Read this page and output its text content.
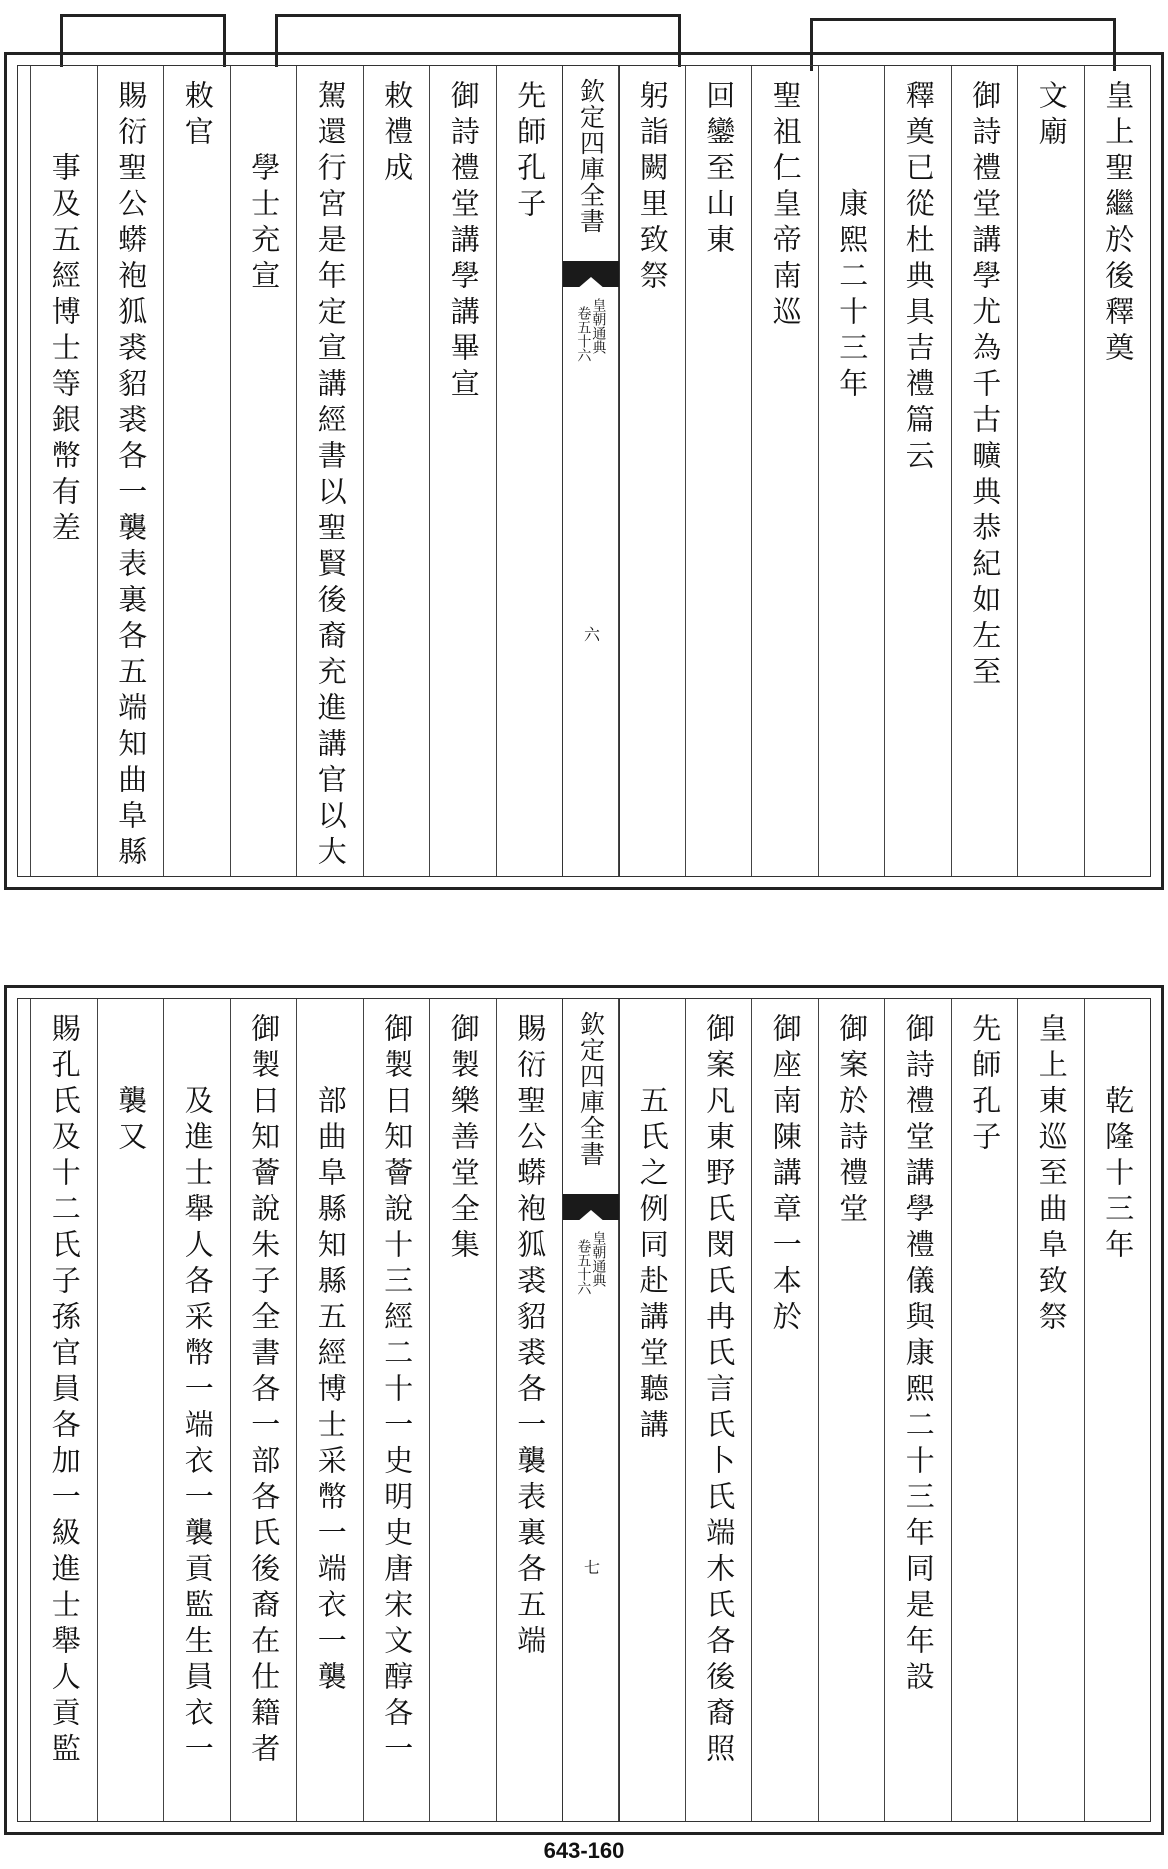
皇上聖繼於後釋奠
文廟
御詩禮堂講學尤為千古曠典恭紀如左至
釋奠已從杜典具吉禮篇云
康熙二十三年
聖祖仁皇帝南巡
回鑾至山東
躬詣闕里致祭
欽定四庫全書
皇朝通典
卷五十六
六
先師孔子
御詩禮堂講學講畢宣
敕禮成
駕還行宮是年定宣講經書以聖賢後裔充進講官以大
學士充宣
敕官
賜衍聖公蟒袍狐裘貂裘各一襲表裏各五端知曲阜縣
事及五經博士等銀幣有差
乾隆十三年
皇上東巡至曲阜致祭
先師孔子
御詩禮堂講學禮儀與康熙二十三年同是年設
御案於詩禮堂
御座南陳講章一本於
御案凡東野氏閔氏冉氏言氏卜氏端木氏各後裔照
五氏之例同赴講堂聽講
欽定四庫全書
皇朝通典
卷五十六
七
賜衍聖公蟒袍狐裘貂裘各一襲表裏各五端
御製樂善堂全集
御製日知薈說十三經二十一史明史唐宋文醇各一
部曲阜縣知縣五經博士采幣一端衣一襲
御製日知薈說朱子全書各一部各氏後裔在仕籍者
及進士舉人各采幣一端衣一襲貢監生員衣一
襲又
賜孔氏及十二氏子孫官員各加一級進士舉人貢監
643-160
